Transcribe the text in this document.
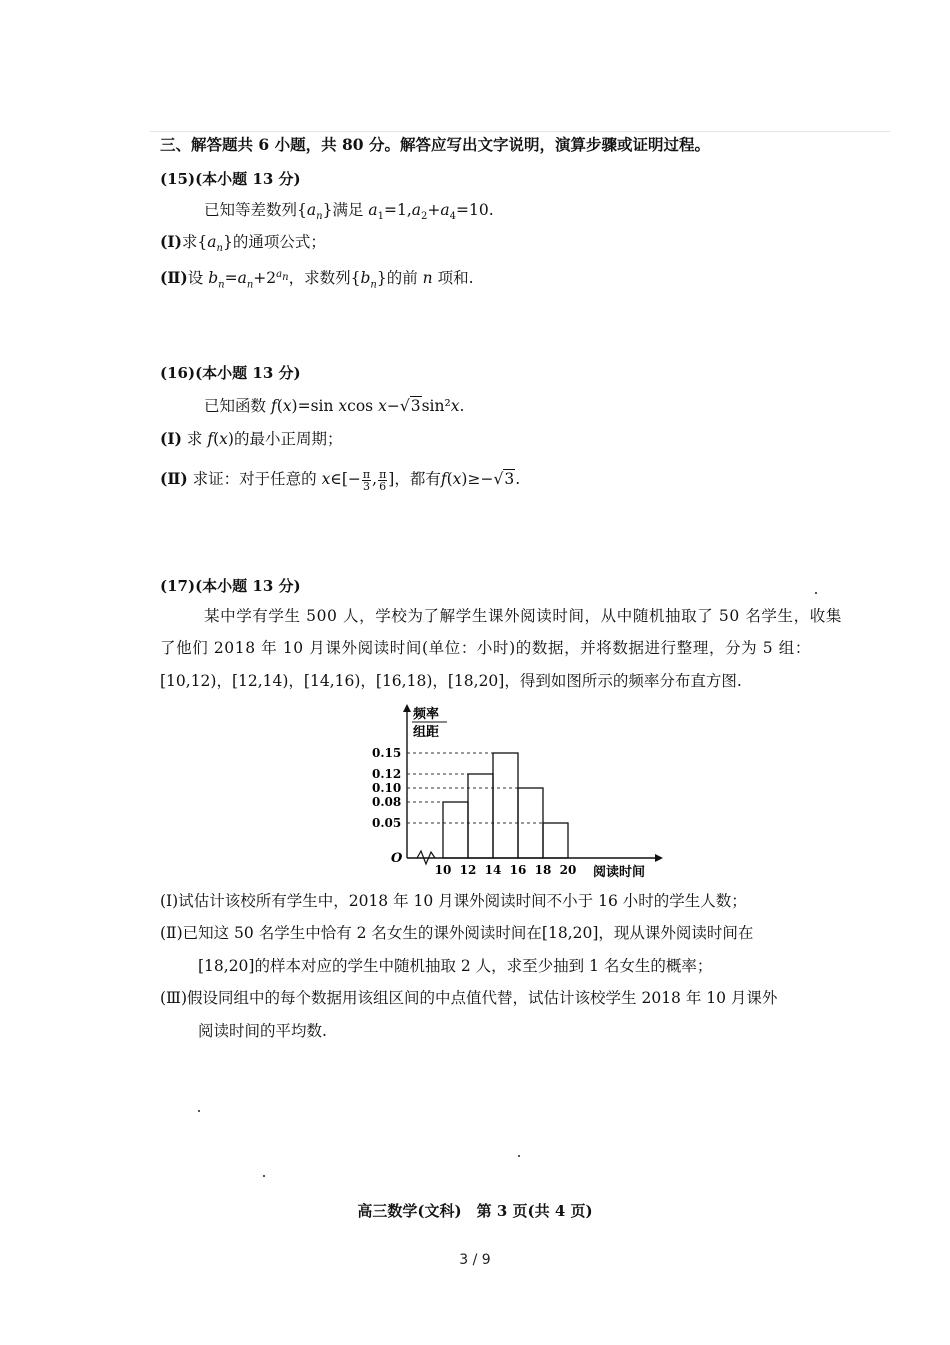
三、解答题共 6 小题，共 80 分。解答应写出文字说明，演算步骤或证明过程。
(15)(本小题 13 分)
已知等差数列$\{a_n\}$满足 $a_1=1,a_2+a_4=10$.
(Ⅰ)求$\{a_n\}$的通项公式；
(Ⅱ)设 $b_n=a_n+2^{a_n}$，求数列$\{b_n\}$的前 n 项和.
(16)(本小题 13 分)
已知函数 f(x)=sin xcos x−√3sin²x.
(Ⅰ) 求 f(x)的最小正周期；
(Ⅱ) 求证：对于任意的 x∈[− $\frac{\pi}{3}$ , $\frac{\pi}{6}$ ]，都有f(x)≥−√3.
(17)(本小题 13 分)
某中学有学生 500 人，学校为了解学生课外阅读时间，从中随机抽取了 50 名学生，收集
了他们 2018 年 10 月课外阅读时间(单位：小时)的数据，并将数据进行整理，分为 5 组：
[10,12)，[12,14)，[14,16)，[16,18)，[18,20]，得到如图所示的频率分布直方图.
O
频率
组距
0.15
0.12
0.10
0.08
0.05
10 12 14 16 18 20 阅读时间
(Ⅰ)试估计该校所有学生中，2018 年 10 月课外阅读时间不小于 16 小时的学生人数；
(Ⅱ)已知这 50 名学生中恰有 2 名女生的课外阅读时间在[18,20]，现从课外阅读时间在
[18,20]的样本对应的学生中随机抽取 2 人，求至少抽到 1 名女生的概率；
(Ⅲ)假设同组中的每个数据用该组区间的中点值代替，试估计该校学生 2018 年 10 月课外
阅读时间的平均数.
高三数学(文科)　第 3 页(共 4 页)
3 / 9
